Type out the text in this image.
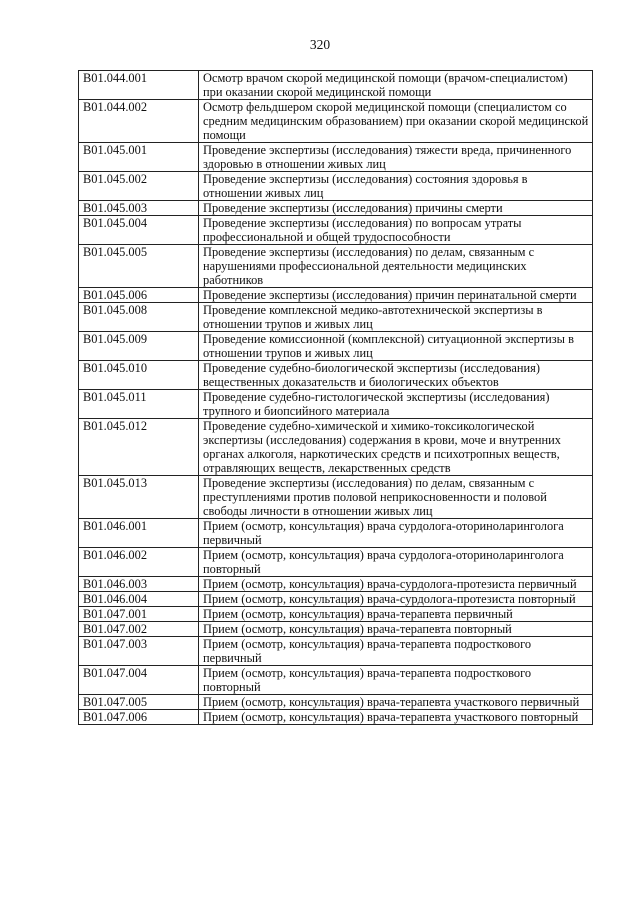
320
B01.044.001	Осмотр врачом скорой медицинской помощи (врачом-специалистом) при оказании скорой медицинской помощи
B01.044.002	Осмотр фельдшером скорой медицинской помощи (специалистом со средним медицинским образованием) при оказании скорой медицинской помощи
B01.045.001	Проведение экспертизы (исследования) тяжести вреда, причиненного здоровью в отношении живых лиц
B01.045.002	Проведение экспертизы (исследования) состояния здоровья в отношении живых лиц
B01.045.003	Проведение экспертизы (исследования) причины смерти
B01.045.004	Проведение экспертизы (исследования) по вопросам утраты профессиональной и общей трудоспособности
B01.045.005	Проведение экспертизы (исследования) по делам, связанным с нарушениями профессиональной деятельности медицинских работников
B01.045.006	Проведение экспертизы (исследования) причин перинатальной смерти
B01.045.008	Проведение комплексной медико-автотехнической экспертизы в отношении трупов и живых лиц
B01.045.009	Проведение комиссионной (комплексной) ситуационной экспертизы в отношении трупов и живых лиц
B01.045.010	Проведение судебно-биологической экспертизы (исследования) вещественных доказательств и биологических объектов
B01.045.011	Проведение судебно-гистологической экспертизы (исследования) трупного и биопсийного материала
B01.045.012	Проведение судебно-химической и химико-токсикологической экспертизы (исследования) содержания в крови, моче и внутренних органах алкоголя, наркотических средств и психотропных веществ, отравляющих веществ, лекарственных средств
B01.045.013	Проведение экспертизы (исследования) по делам, связанным с преступлениями против половой неприкосновенности и половой свободы личности в отношении живых лиц
B01.046.001	Прием (осмотр, консультация) врача сурдолога-оториноларинголога первичный
B01.046.002	Прием (осмотр, консультация) врача сурдолога-оториноларинголога повторный
B01.046.003	Прием (осмотр, консультация) врача-сурдолога-протезиста первичный
B01.046.004	Прием (осмотр, консультация) врача-сурдолога-протезиста повторный
B01.047.001	Прием (осмотр, консультация) врача-терапевта первичный
B01.047.002	Прием (осмотр, консультация) врача-терапевта повторный
B01.047.003	Прием (осмотр, консультация) врача-терапевта подросткового первичный
B01.047.004	Прием (осмотр, консультация) врача-терапевта подросткового повторный
B01.047.005	Прием (осмотр, консультация) врача-терапевта участкового первичный
B01.047.006	Прием (осмотр, консультация) врача-терапевта участкового повторный
